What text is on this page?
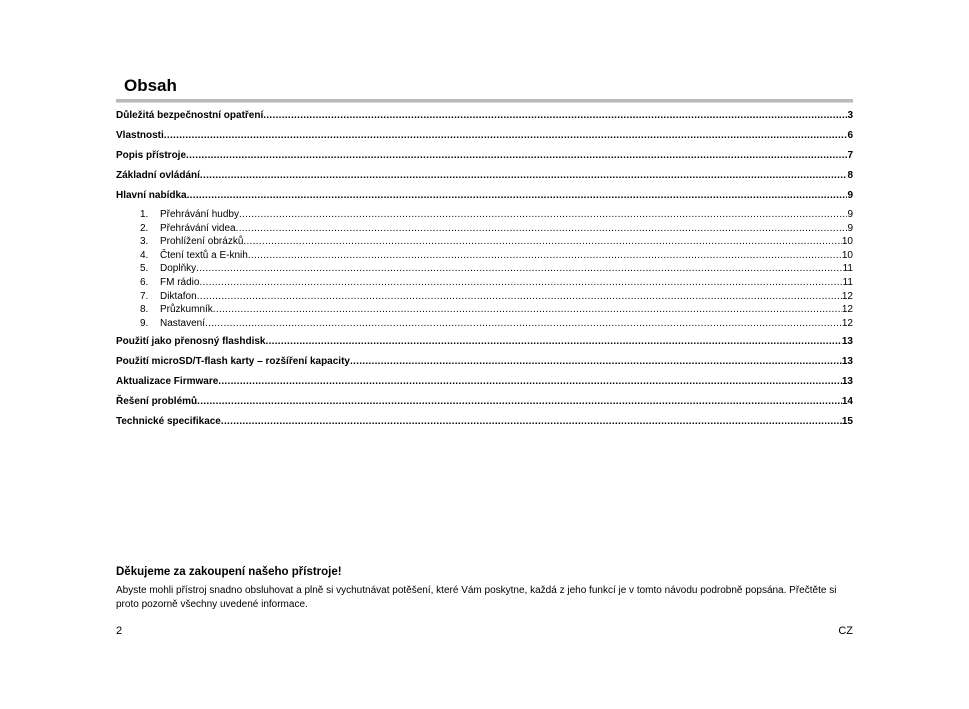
Obsah
Důležitá bezpečnostní opatření .....	3
Vlastnosti .....	6
Popis přístroje .....	7
Základní ovládání .....	8
Hlavní nabídka .....	9
1.	Přehrávání hudby .....	9
2.	Přehrávání videa .....	9
3.	Prohlížení obrázků .....	10
4.	Čtení textů a E-knih .....	10
5.	Doplňky .....	11
6.	FM rádio .....	11
7.	Diktafon .....	12
8.	Průzkumník .....	12
9.	Nastavení .....	12
Použití jako přenosný flashdisk .....	13
Použití microSD/T-flash karty – rozšíření kapacity .....	13
Aktualizace Firmware .....	13
Řešení problémů .....	14
Technické specifikace .....	15

Děkujeme za zakoupení našeho přístroje!

Abyste mohli přístroj snadno obsluhovat a plně si vychutnávat potěšení, které Vám poskytne, každá z jeho funkcí je v tomto návodu podrobně popsána. Přečtěte si proto pozorně všechny uvedené informace.

2	CZ
